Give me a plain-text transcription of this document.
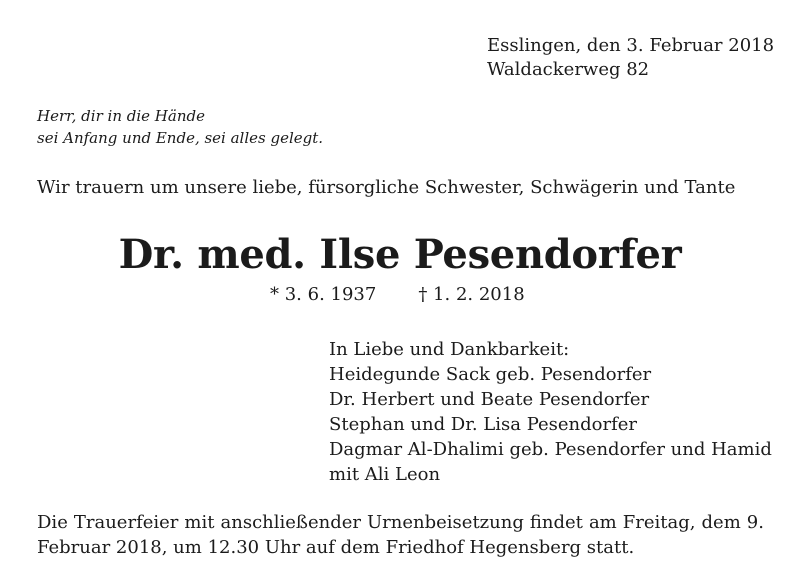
Esslingen, den 3. Februar 2018
Waldackerweg 82
Herr, dir in die Hände
sei Anfang und Ende, sei alles gelegt.
Wir trauern um unsere liebe, fürsorgliche Schwester, Schwägerin und Tante
Dr. med. Ilse Pesendorfer
* 3. 6. 1937 † 1. 2. 2018
In Liebe und Dankbarkeit:
Heidegunde Sack geb. Pesendorfer
Dr. Herbert und Beate Pesendorfer
Stephan und Dr. Lisa Pesendorfer
Dagmar Al-Dhalimi geb. Pesendorfer und Hamid
mit Ali Leon
Die Trauerfeier mit anschließender Urnenbeisetzung findet am Freitag, dem 9. Februar 2018, um 12.30 Uhr auf dem Friedhof Hegensberg statt.
